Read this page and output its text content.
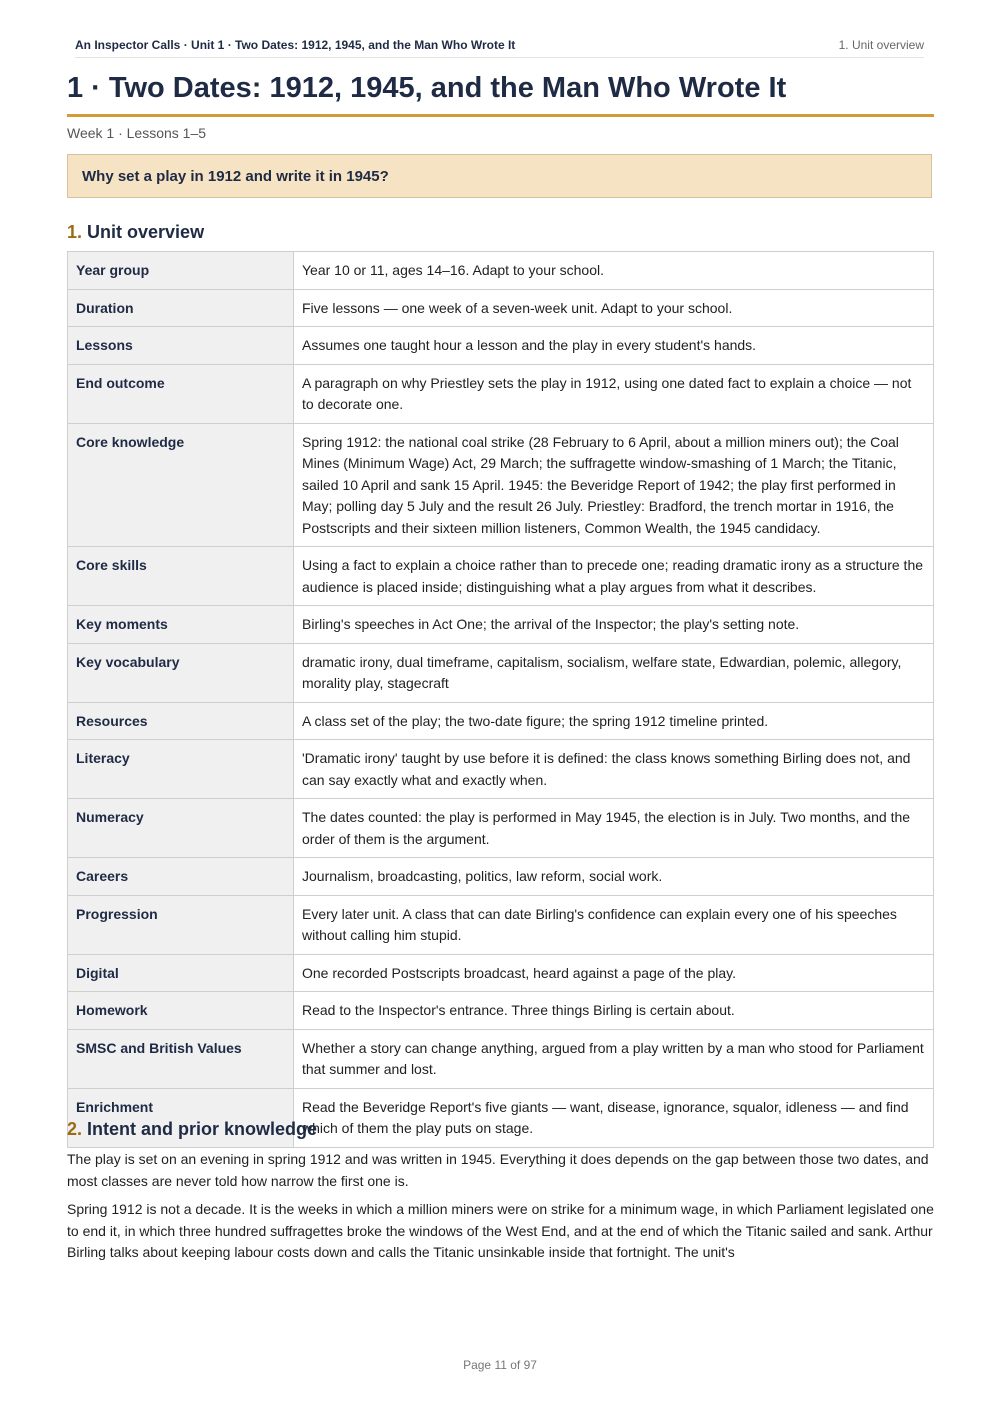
An Inspector Calls · Unit 1 · Two Dates: 1912, 1945, and the Man Who Wrote It	1. Unit overview
1 · Two Dates: 1912, 1945, and the Man Who Wrote It
Week 1 · Lessons 1–5
Why set a play in 1912 and write it in 1945?
1. Unit overview
Year group	Year 10 or 11, ages 14–16. Adapt to your school.
Duration	Five lessons — one week of a seven-week unit. Adapt to your school.
Lessons	Assumes one taught hour a lesson and the play in every student's hands.
End outcome	A paragraph on why Priestley sets the play in 1912, using one dated fact to explain a choice — not to decorate one.
Core knowledge	Spring 1912: the national coal strike (28 February to 6 April, about a million miners out); the Coal Mines (Minimum Wage) Act, 29 March; the suffragette window-smashing of 1 March; the Titanic, sailed 10 April and sank 15 April. 1945: the Beveridge Report of 1942; the play first performed in May; polling day 5 July and the result 26 July. Priestley: Bradford, the trench mortar in 1916, the Postscripts and their sixteen million listeners, Common Wealth, the 1945 candidacy.
Core skills	Using a fact to explain a choice rather than to precede one; reading dramatic irony as a structure the audience is placed inside; distinguishing what a play argues from what it describes.
Key moments	Birling's speeches in Act One; the arrival of the Inspector; the play's setting note.
Key vocabulary	dramatic irony, dual timeframe, capitalism, socialism, welfare state, Edwardian, polemic, allegory, morality play, stagecraft
Resources	A class set of the play; the two-date figure; the spring 1912 timeline printed.
Literacy	'Dramatic irony' taught by use before it is defined: the class knows something Birling does not, and can say exactly what and exactly when.
Numeracy	The dates counted: the play is performed in May 1945, the election is in July. Two months, and the order of them is the argument.
Careers	Journalism, broadcasting, politics, law reform, social work.
Progression	Every later unit. A class that can date Birling's confidence can explain every one of his speeches without calling him stupid.
Digital	One recorded Postscripts broadcast, heard against a page of the play.
Homework	Read to the Inspector's entrance. Three things Birling is certain about.
SMSC and British Values	Whether a story can change anything, argued from a play written by a man who stood for Parliament that summer and lost.
Enrichment	Read the Beveridge Report's five giants — want, disease, ignorance, squalor, idleness — and find which of them the play puts on stage.
2. Intent and prior knowledge

The play is set on an evening in spring 1912 and was written in 1945. Everything it does depends on the gap between those two dates, and most classes are never told how narrow the first one is.

Spring 1912 is not a decade. It is the weeks in which a million miners were on strike for a minimum wage, in which Parliament legislated one to end it, in which three hundred suffragettes broke the windows of the West End, and at the end of which the Titanic sailed and sank. Arthur Birling talks about keeping labour costs down and calls the Titanic unsinkable inside that fortnight. The unit's

Page 11 of 97
